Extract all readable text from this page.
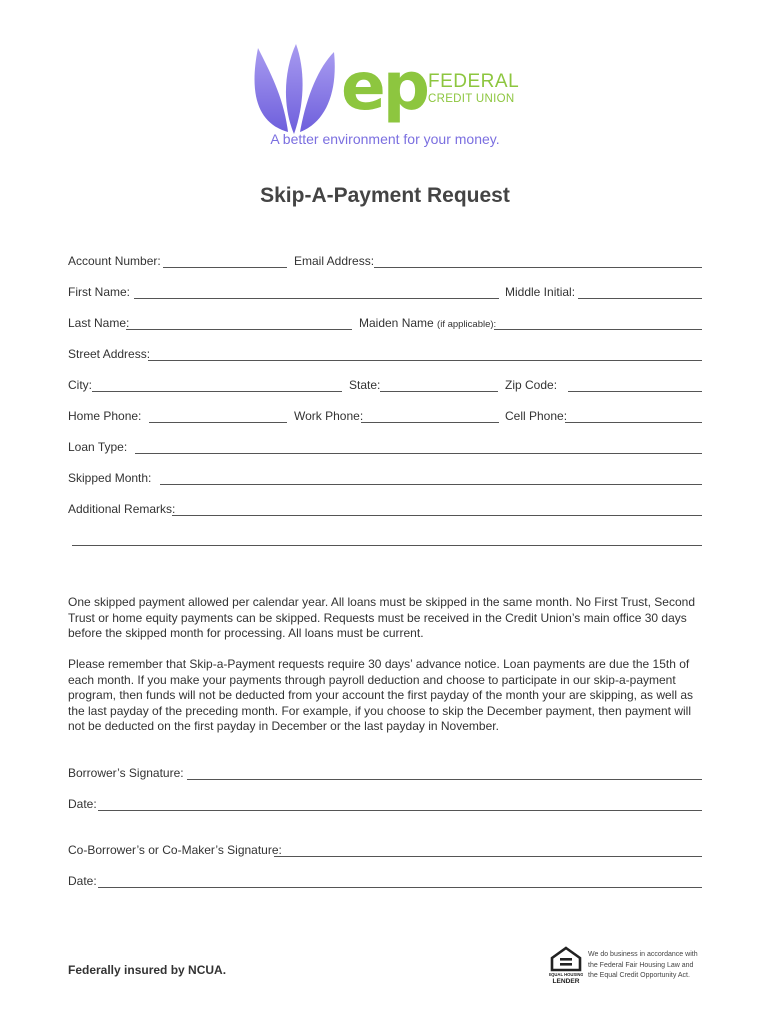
ep FEDERAL
CREDIT UNION
A better environment for your money.
Skip-A-Payment Request
Account Number:	Email Address:
First Name:	Middle Initial:
Last Name:	Maiden Name (if applicable):
Street Address:
City:	State:	Zip Code:
Home Phone:	Work Phone:	Cell Phone:
Loan Type:
Skipped Month:
Additional Remarks:

One skipped payment allowed per calendar year. All loans must be skipped in the same month. No First Trust, Second Trust or home equity payments can be skipped. Requests must be received in the Credit Union’s main office 30 days before the skipped month for processing. All loans must be current.

Please remember that Skip-a-Payment requests require 30 days’ advance notice. Loan payments are due the 15th of each month. If you make your payments through payroll deduction and choose to participate in our skip-a-payment program, then funds will not be deducted from your account the first payday of the month your are skipping, as well as the last payday of the preceding month. For example, if you choose to skip the December payment, then payment will not be deducted on the first payday in December or the last payday in November.

Borrower’s Signature:
Date:
Co-Borrower’s or Co-Maker’s Signature:
Date:
Federally insured by NCUA.	EQUAL HOUSING
LENDER
We do business in accordance with
the Federal Fair Housing Law and
the Equal Credit Opportunity Act.
